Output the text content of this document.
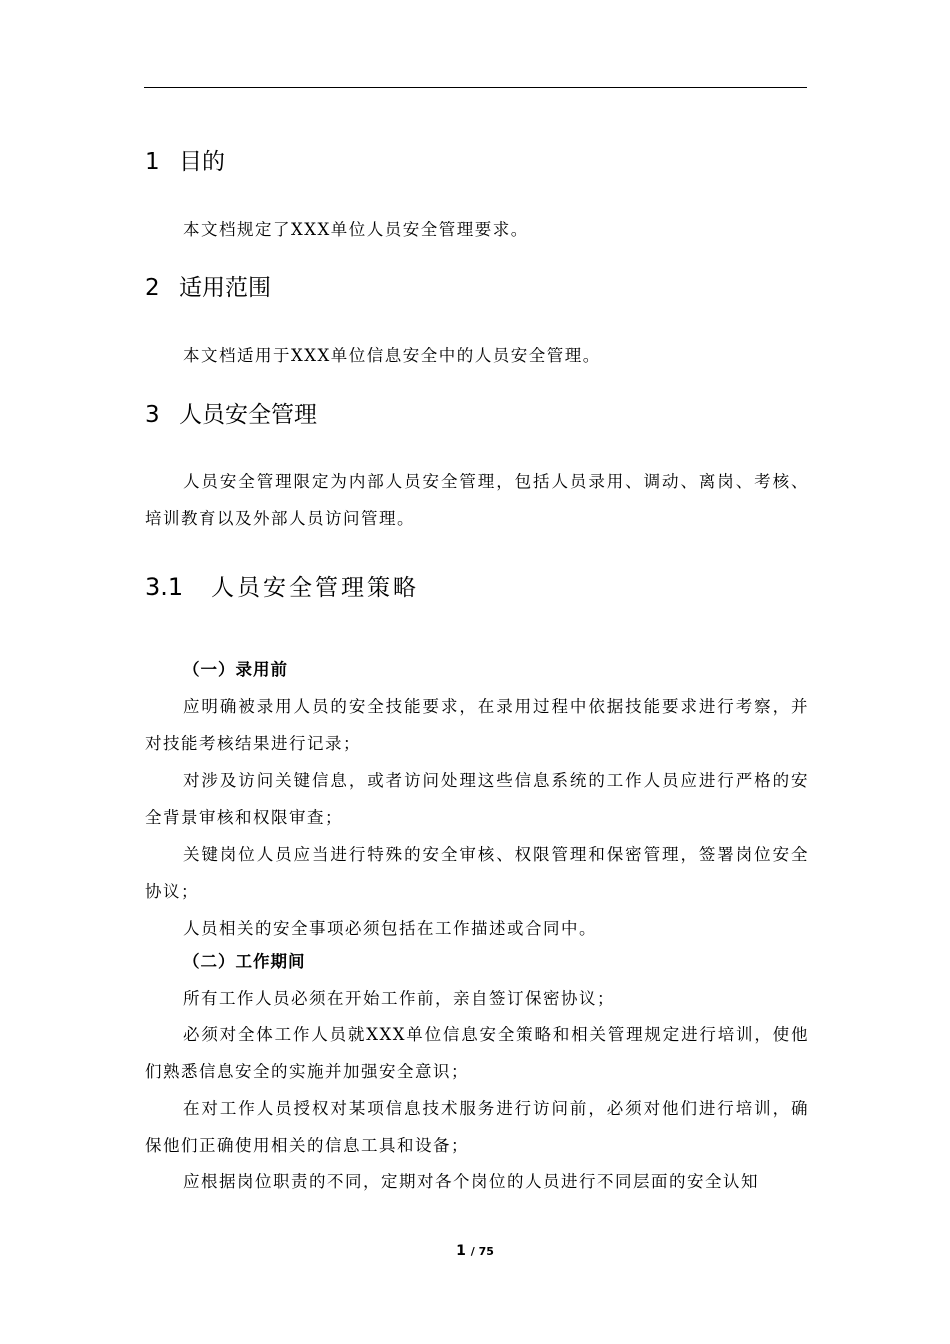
1 目的
本文档规定了XXX单位人员安全管理要求。
2 适用范围
本文档适用于XXX单位信息安全中的人员安全管理。
3 人员安全管理
人员安全管理限定为内部人员安全管理，包括人员录用、调动、离岗、考核、培训教育以及外部人员访问管理。
3.1 人员安全管理策略
（一）录用前
应明确被录用人员的安全技能要求，在录用过程中依据技能要求进行考察，并对技能考核结果进行记录；
对涉及访问关键信息，或者访问处理这些信息系统的工作人员应进行严格的安全背景审核和权限审查；
关键岗位人员应当进行特殊的安全审核、权限管理和保密管理，签署岗位安全协议；
人员相关的安全事项必须包括在工作描述或合同中。
（二）工作期间
所有工作人员必须在开始工作前，亲自签订保密协议；
必须对全体工作人员就XXX单位信息安全策略和相关管理规定进行培训，使他们熟悉信息安全的实施并加强安全意识；
在对工作人员授权对某项信息技术服务进行访问前，必须对他们进行培训，确保他们正确使用相关的信息工具和设备；
应根据岗位职责的不同，定期对各个岗位的人员进行不同层面的安全认知
1 / 75
